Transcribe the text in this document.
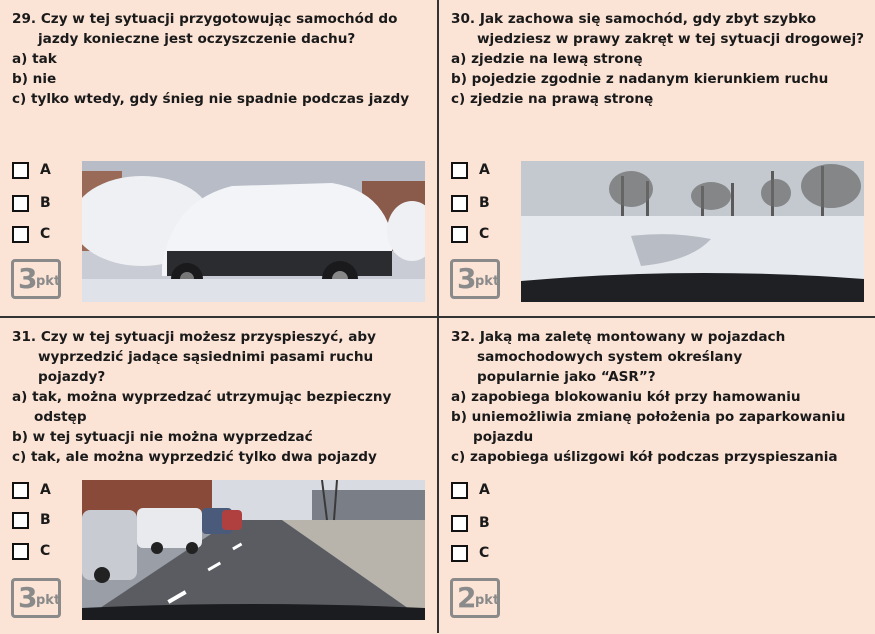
29. Czy w tej sytuacji przygotowując samochód do
jazdy konieczne jest oczyszczenie dachu?
a) tak
b) nie
c) tylko wtedy, gdy śnieg nie spadnie podczas jazdy
A
B
C
3
pkt
30. Jak zachowa się samochód, gdy zbyt szybko
wjedziesz w prawy zakręt w tej sytuacji drogowej?
a) zjedzie na lewą stronę
b) pojedzie zgodnie z nadanym kierunkiem ruchu
c) zjedzie na prawą stronę
A
B
C
3
pkt
31. Czy w tej sytuacji możesz przyspieszyć, aby
wyprzedzić jadące sąsiednimi pasami ruchu
pojazdy?
a) tak, można wyprzedzać utrzymując bezpieczny
odstęp
b) w tej sytuacji nie można wyprzedzać
c) tak, ale można wyprzedzić tylko dwa pojazdy
A
B
C
3
pkt
32. Jaką ma zaletę montowany w pojazdach
samochodowych system określany
popularnie jako “ASR”?
a) zapobiega blokowaniu kół przy hamowaniu
b) uniemożliwia zmianę położenia po zaparkowaniu
pojazdu
c) zapobiega uślizgowi kół podczas przyspieszania
A
B
C
2
pkt
